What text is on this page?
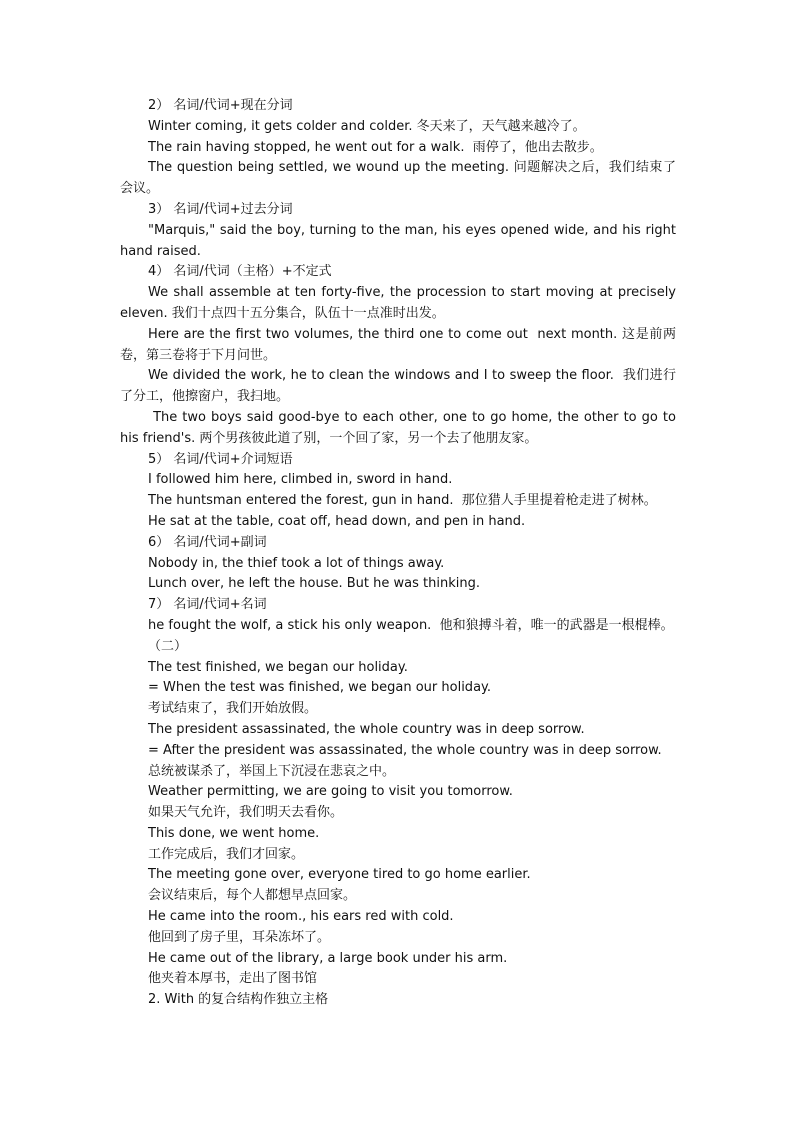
2） 名词/代词+现在分词
Winter coming, it gets colder and colder. 冬天来了，天气越来越冷了。
The rain having stopped, he went out for a walk.  雨停了，他出去散步。
The question being settled, we wound up the meeting. 问题解决之后，我们结束了会议。
3） 名词/代词+过去分词
"Marquis," said the boy, turning to the man, his eyes opened wide, and his right hand raised.
4） 名词/代词（主格）+不定式
We shall assemble at ten forty-five, the procession to start moving at precisely eleven. 我们十点四十五分集合，队伍十一点准时出发。
Here are the first two volumes, the third one to come out  next month. 这是前两卷，第三卷将于下月问世。
We divided the work, he to clean the windows and I to sweep the floor.  我们进行了分工，他擦窗户，我扫地。
The two boys said good-bye to each other, one to go home, the other to go to his friend's. 两个男孩彼此道了别，一个回了家，另一个去了他朋友家。
5） 名词/代词+介词短语
I followed him here, climbed in, sword in hand.
The huntsman entered the forest, gun in hand.  那位猎人手里提着枪走进了树林。
He sat at the table, coat off, head down, and pen in hand.
6） 名词/代词+副词
Nobody in, the thief took a lot of things away.
Lunch over, he left the house. But he was thinking.
7） 名词/代词+名词
he fought the wolf, a stick his only weapon.  他和狼搏斗着，唯一的武器是一根棍棒。
（二）
The test finished, we began our holiday.
= When the test was finished, we began our holiday.
考试结束了，我们开始放假。
The president assassinated, the whole country was in deep sorrow.
= After the president was assassinated, the whole country was in deep sorrow.
总统被谋杀了，举国上下沉浸在悲哀之中。
Weather permitting, we are going to visit you tomorrow.
如果天气允许，我们明天去看你。
This done, we went home.
工作完成后，我们才回家。
The meeting gone over, everyone tired to go home earlier.
会议结束后，每个人都想早点回家。
He came into the room., his ears red with cold.
他回到了房子里，耳朵冻坏了。
He came out of the library, a large book under his arm.
他夹着本厚书，走出了图书馆
2. With 的复合结构作独立主格
